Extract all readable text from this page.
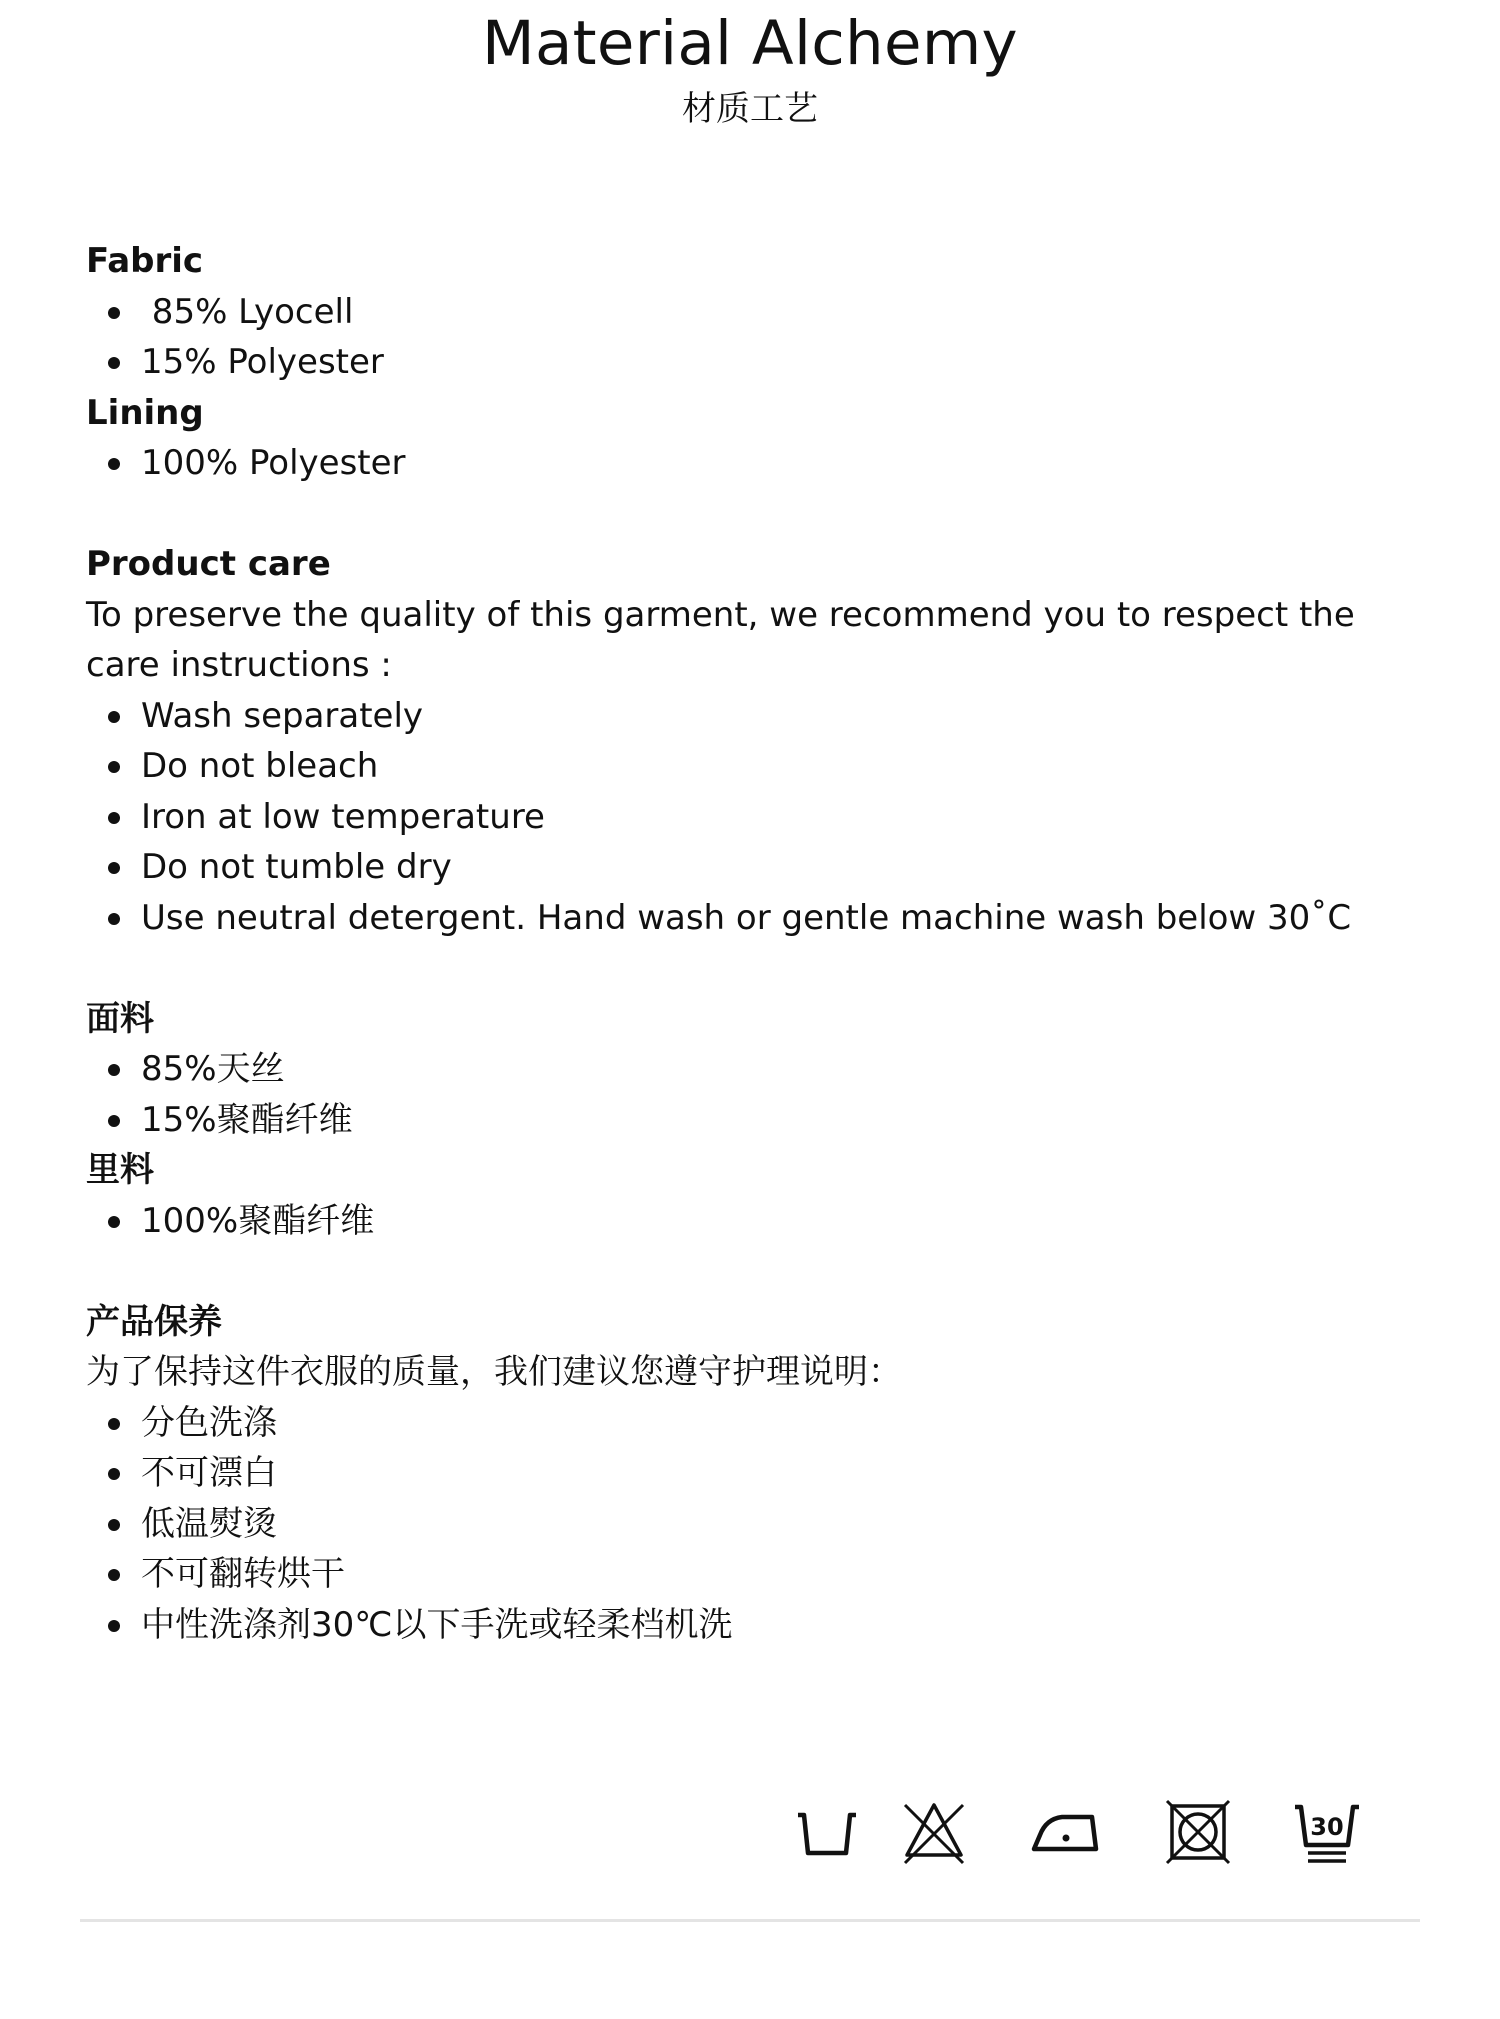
Material Alchemy
材质工艺
Fabric
85% Lyocell
15% Polyester
Lining
100% Polyester
Product care

To preserve the quality of this garment, we recommend you to respect the care instructions :

Wash separately
Do not bleach
Iron at low temperature
Do not tumble dry
Use neutral detergent. Hand wash or gentle machine wash below 30˚C
面料
85%天丝
15%聚酯纤维
里料
100%聚酯纤维
产品保养

为了保持这件衣服的质量，我们建议您遵守护理说明：

分色洗涤
不可漂白
低温熨烫
不可翻转烘干
中性洗涤剂30℃以下手洗或轻柔档机洗
30
